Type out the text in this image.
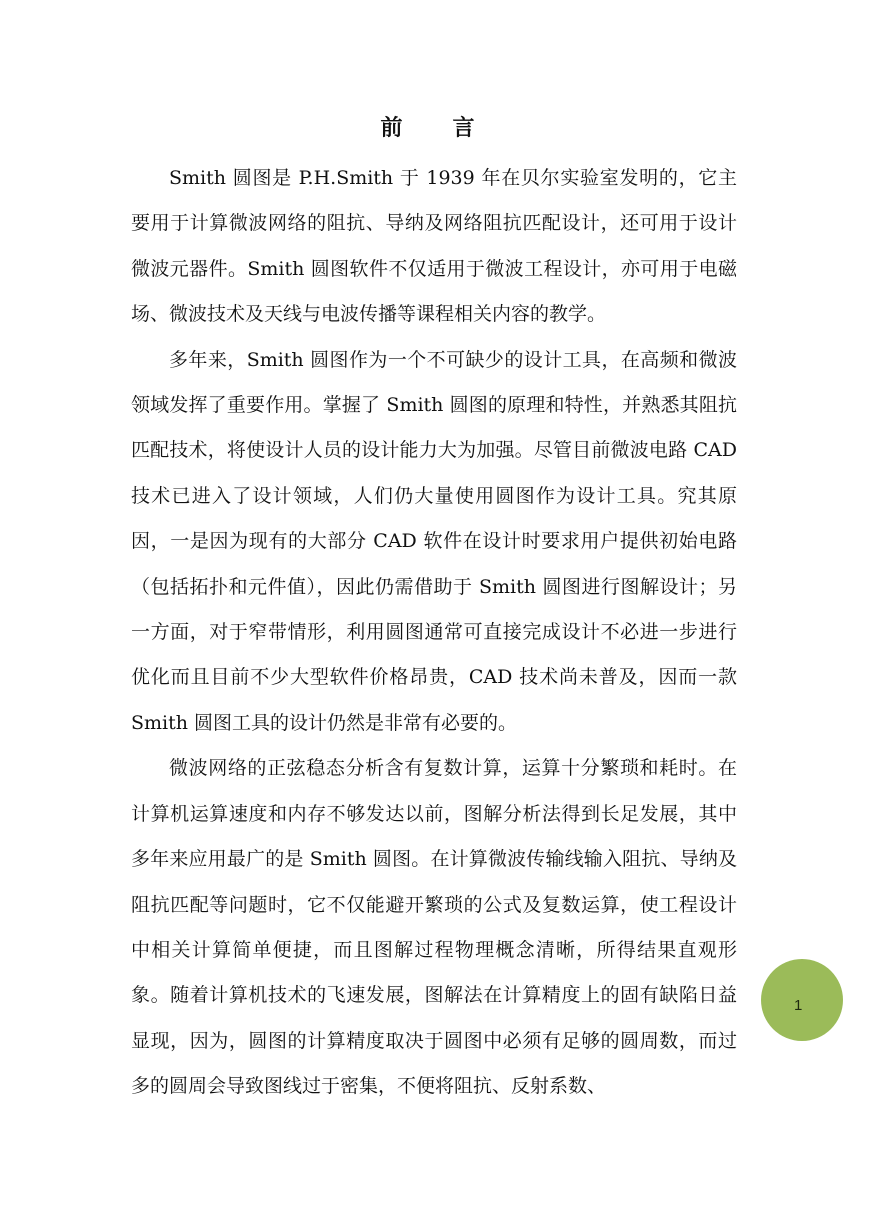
前　言

Smith 圆图是 P.H.Smith 于 1939 年在贝尔实验室发明的，它主要用于计算微波网络的阻抗、导纳及网络阻抗匹配设计，还可用于设计微波元器件。Smith 圆图软件不仅适用于微波工程设计，亦可用于电磁场、微波技术及天线与电波传播等课程相关内容的教学。

多年来，Smith 圆图作为一个不可缺少的设计工具，在高频和微波领域发挥了重要作用。掌握了 Smith 圆图的原理和特性，并熟悉其阻抗匹配技术，将使设计人员的设计能力大为加强。尽管目前微波电路 CAD 技术已进入了设计领域，人们仍大量使用圆图作为设计工具。究其原因，一是因为现有的大部分 CAD 软件在设计时要求用户提供初始电路（包括拓扑和元件值），因此仍需借助于 Smith 圆图进行图解设计；另一方面，对于窄带情形，利用圆图通常可直接完成设计不必进一步进行优化而且目前不少大型软件价格昂贵，CAD 技术尚未普及，因而一款 Smith 圆图工具的设计仍然是非常有必要的。

微波网络的正弦稳态分析含有复数计算，运算十分繁琐和耗时。在计算机运算速度和内存不够发达以前，图解分析法得到长足发展，其中多年来应用最广的是 Smith 圆图。在计算微波传输线输入阻抗、导纳及阻抗匹配等问题时，它不仅能避开繁琐的公式及复数运算，使工程设计中相关计算简单便捷，而且图解过程物理概念清晰，所得结果直观形象。随着计算机技术的飞速发展，图解法在计算精度上的固有缺陷日益显现，因为，圆图的计算精度取决于圆图中必须有足够的圆周数，而过多的圆周会导致图线过于密集，不便将阻抗、反射系数、

1
